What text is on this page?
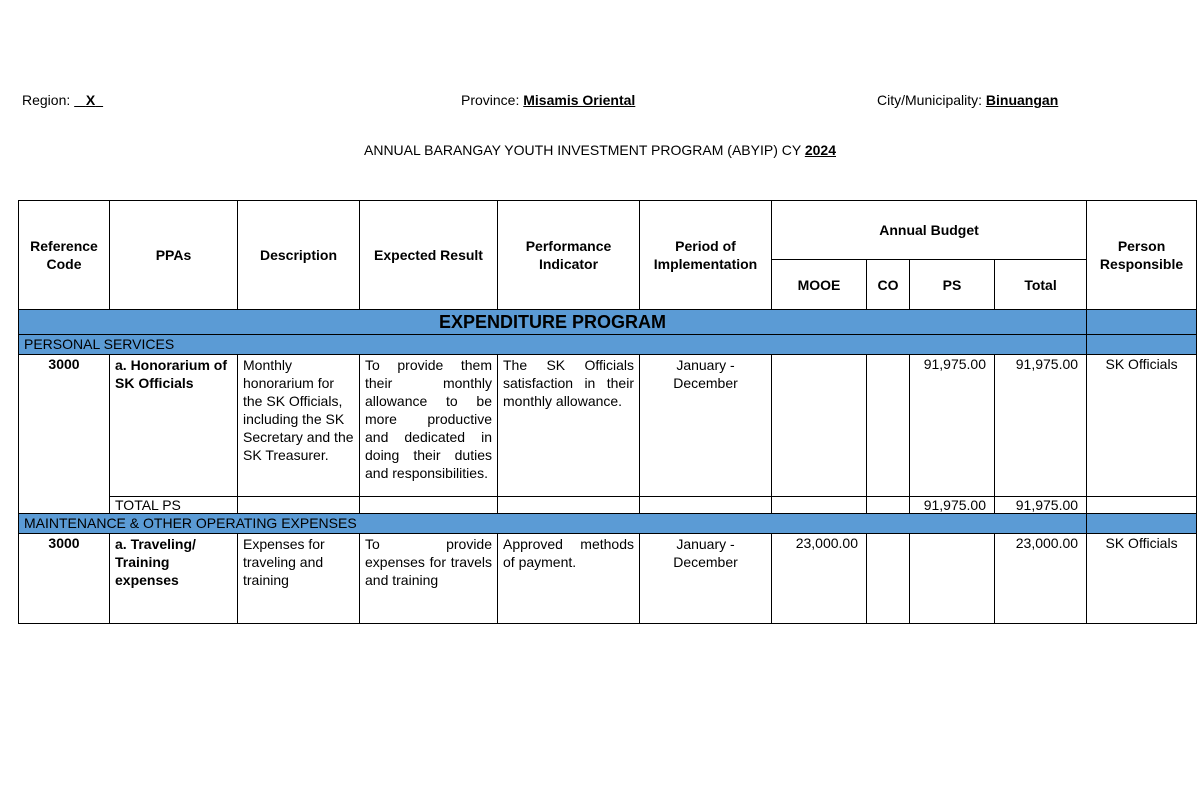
Region:  _X_	Province: Misamis Oriental	City/Municipality: Binuangan
ANNUAL BARANGAY YOUTH INVESTMENT PROGRAM (ABYIP) CY 2024
Reference Code	PPAs	Description	Expected Result	Performance Indicator	Period of Implementation	Annual Budget				Person Responsible
						MOOE	CO	PS	Total	
EXPENDITURE PROGRAM										
PERSONAL SERVICES										
3000	a. Honorarium of SK Officials	Monthly honorarium for the SK Officials, including the SK Secretary and the SK Treasurer.	To provide them their monthly allowance to be more productive and dedicated in doing their duties and responsibilities.	The SK Officials satisfaction in their monthly allowance.	January - December			91,975.00	91,975.00	SK Officials
	TOTAL PS							91,975.00	91,975.00	
MAINTENANCE & OTHER OPERATING EXPENSES										
3000	a. Traveling/ Training expenses	Expenses for traveling and training	To provide expenses for travels and training	Approved methods of payment.	January - December	23,000.00			23,000.00	SK Officials
